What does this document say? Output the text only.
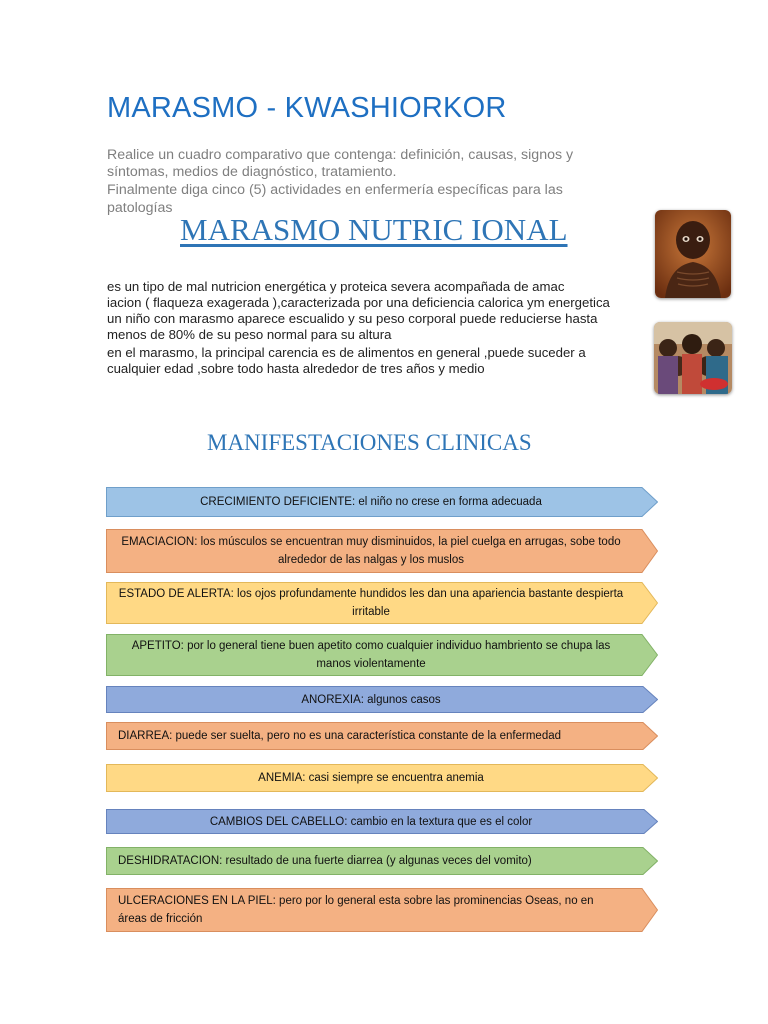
MARASMO - KWASHIORKOR
Realice un cuadro comparativo que contenga: definición, causas, signos y
síntomas, medios de diagnóstico, tratamiento.
Finalmente diga cinco (5) actividades en enfermería específicas para las
patologías
MARASMO NUTRIC IONAL
es un tipo de mal nutricion energética y proteica severa acompañada de amac
iacion ( flaqueza exagerada ),caracterizada por una deficiencia calorica ym energetica
un niño con marasmo aparece escualido y su peso corporal puede reducierse hasta
menos de 80% de su peso normal para su altura
en el marasmo, la principal carencia es de alimentos en general ,puede suceder a
cualquier edad ,sobre todo hasta alrededor de tres años y medio
MANIFESTACIONES CLINICAS
CRECIMIENTO DEFICIENTE: el niño no crese en forma adecuada
EMACIACION: los músculos se encuentran muy disminuidos, la piel cuelga en arrugas, sobe todo alrededor de las nalgas y los muslos
ESTADO DE ALERTA: los ojos profundamente hundidos les dan una apariencia bastante despierta irritable
APETITO: por lo general tiene buen apetito como cualquier individuo hambriento se chupa las manos violentamente
ANOREXIA: algunos casos
DIARREA: puede ser suelta, pero no es una característica constante de la enfermedad
ANEMIA: casi siempre se encuentra anemia
CAMBIOS DEL CABELLO: cambio en la textura que es el color
DESHIDRATACION: resultado de una fuerte diarrea (y algunas veces del vomito)
ULCERACIONES EN LA PIEL: pero por lo general esta sobre las prominencias Oseas, no en áreas de fricción
